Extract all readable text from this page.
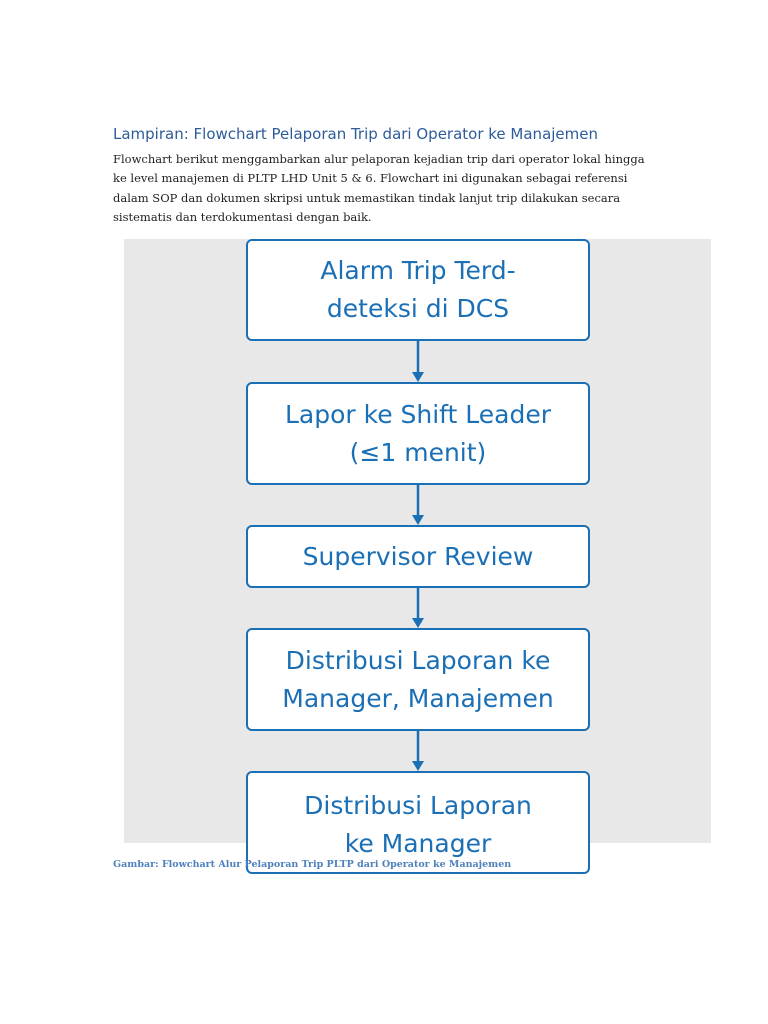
Lampiran: Flowchart Pelaporan Trip dari Operator ke Manajemen
Flowchart berikut menggambarkan alur pelaporan kejadian trip dari operator lokal hingga
ke level manajemen di PLTP LHD Unit 5 & 6. Flowchart ini digunakan sebagai referensi
dalam SOP dan dokumen skripsi untuk memastikan tindak lanjut trip dilakukan secara
sistematis dan terdokumentasi dengan baik.
Alarm Trip Terd-
deteksi di DCS
Lapor ke Shift Leader
(≤1 menit)
Supervisor Review
Distribusi Laporan ke
Manager, Manajemen
Distribusi Laporan
ke Manager
Gambar: Flowchart Alur Pelaporan Trip PLTP dari Operator ke Manajemen
